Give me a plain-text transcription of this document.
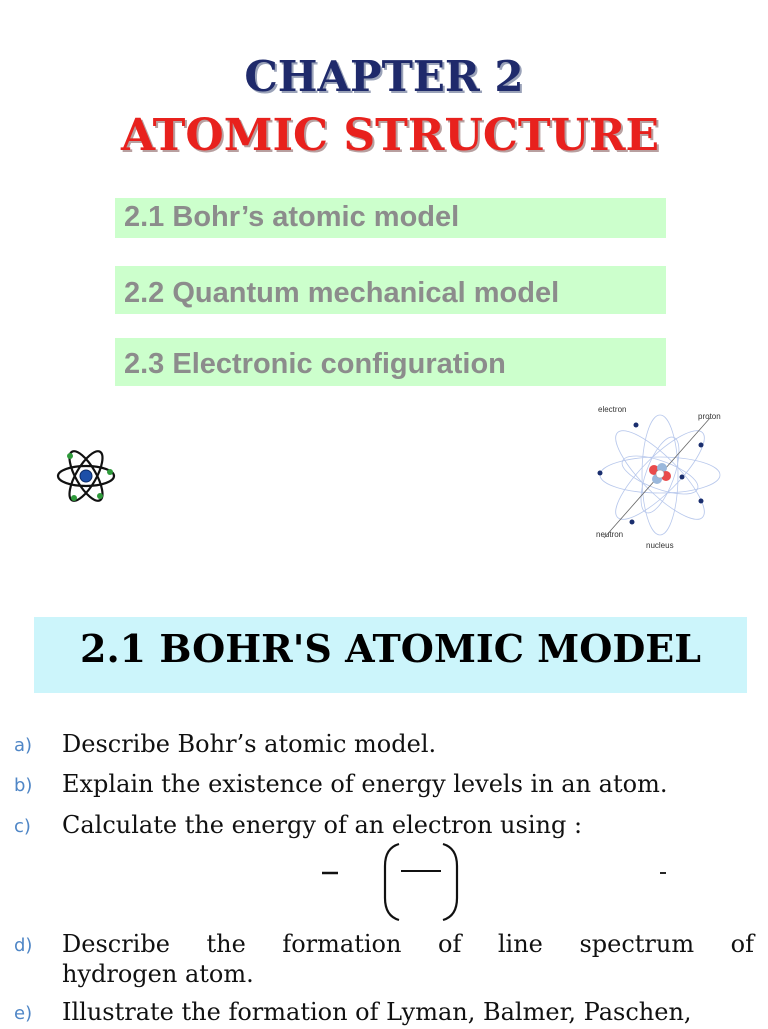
CHAPTER 2
ATOMIC STRUCTURE
2.1 Bohr’s atomic model
2.2 Quantum mechanical model
2.3 Electronic configuration
electron
proton
neutron
nucleus
2.1 BOHR'S ATOMIC MODEL
a) Describe Bohr’s atomic model.
b) Explain the existence of energy levels in an atom.
c) Calculate the energy of an electron using :
d) Describe the formation of line spectrum of
hydrogen atom.
e) Illustrate the formation of Lyman, Balmer, Paschen,
